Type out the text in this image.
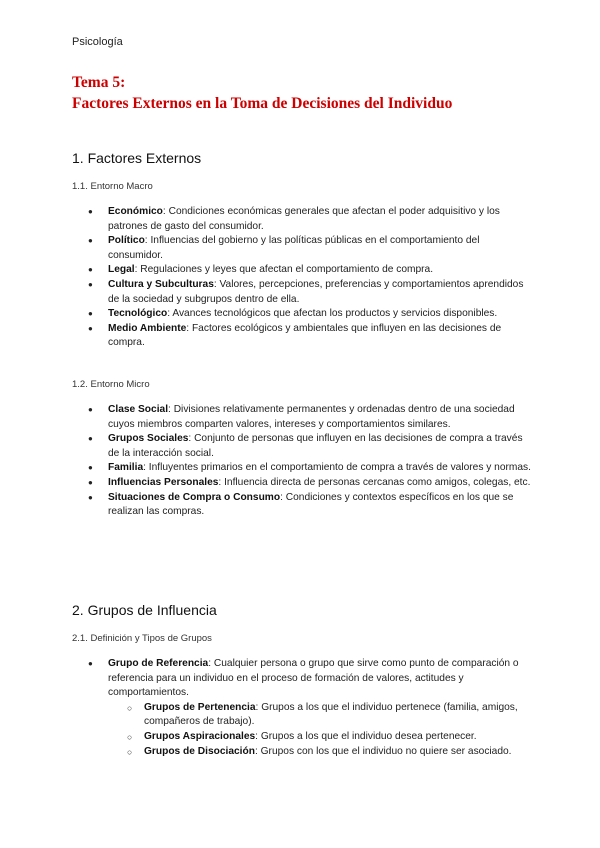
Psicología
Tema 5:
Factores Externos en la Toma de Decisiones del Individuo
1. Factores Externos
1.1. Entorno Macro
● Económico: Condiciones económicas generales que afectan el poder adquisitivo y los patrones de gasto del consumidor.
● Político: Influencias del gobierno y las políticas públicas en el comportamiento del consumidor.
● Legal: Regulaciones y leyes que afectan el comportamiento de compra.
● Cultura y Subculturas: Valores, percepciones, preferencias y comportamientos aprendidos de la sociedad y subgrupos dentro de ella.
● Tecnológico: Avances tecnológicos que afectan los productos y servicios disponibles.
● Medio Ambiente: Factores ecológicos y ambientales que influyen en las decisiones de compra.
1.2. Entorno Micro
● Clase Social: Divisiones relativamente permanentes y ordenadas dentro de una sociedad cuyos miembros comparten valores, intereses y comportamientos similares.
● Grupos Sociales: Conjunto de personas que influyen en las decisiones de compra a través de la interacción social.
● Familia: Influyentes primarios en el comportamiento de compra a través de valores y normas.
● Influencias Personales: Influencia directa de personas cercanas como amigos, colegas, etc.
● Situaciones de Compra o Consumo: Condiciones y contextos específicos en los que se realizan las compras.
2. Grupos de Influencia
2.1. Definición y Tipos de Grupos
● Grupo de Referencia: Cualquier persona o grupo que sirve como punto de comparación o referencia para un individuo en el proceso de formación de valores, actitudes y comportamientos.
○ Grupos de Pertenencia: Grupos a los que el individuo pertenece (familia, amigos, compañeros de trabajo).
○ Grupos Aspiracionales: Grupos a los que el individuo desea pertenecer.
○ Grupos de Disociación: Grupos con los que el individuo no quiere ser asociado.
